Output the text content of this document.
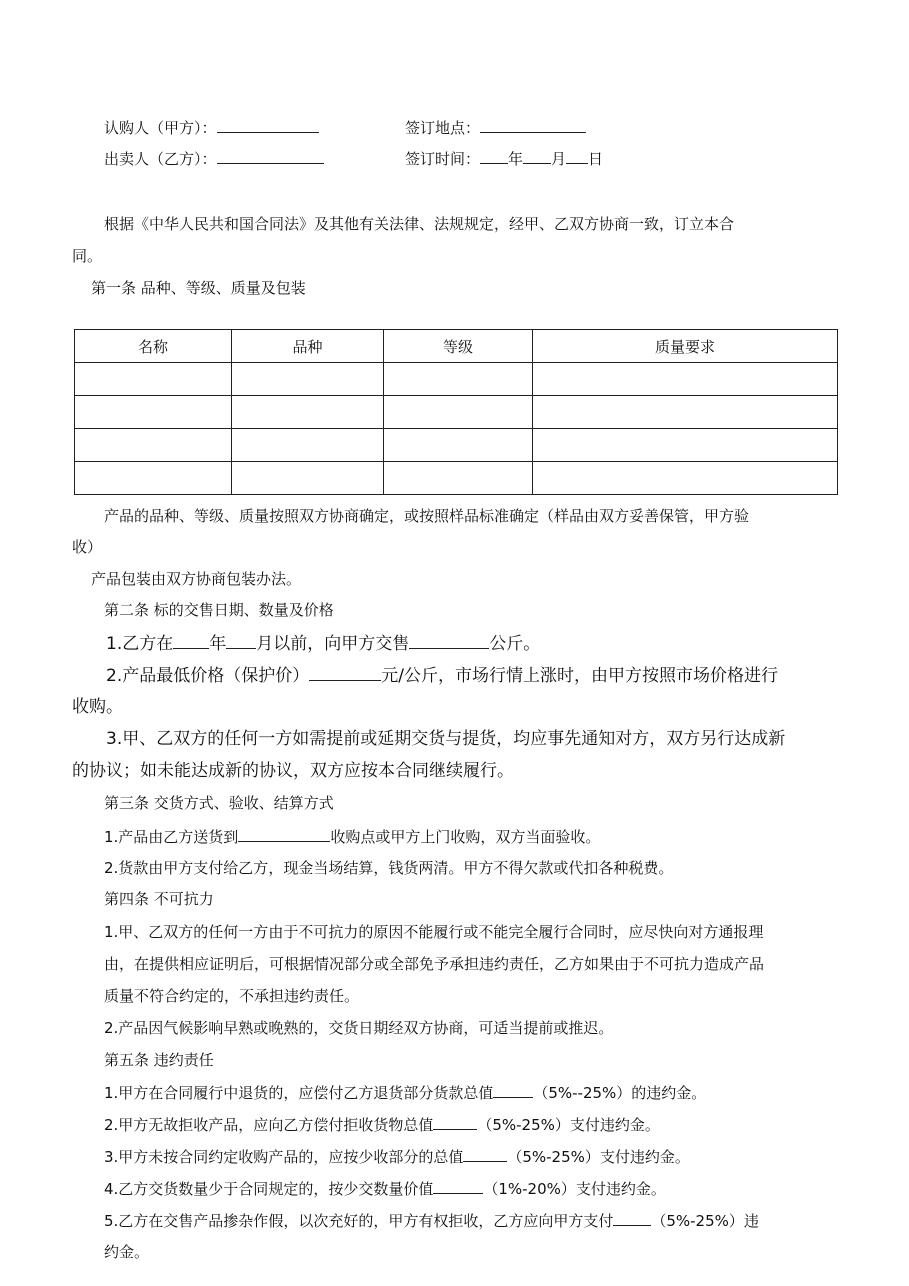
认购人（甲方）：	签订地点：
出卖人（乙方）：	签订时间： 年 月 日
根据《中华人民共和国合同法》及其他有关法律、法规规定，经甲、乙双方协商一致，订立本合
同。
第一条 品种、等级、质量及包装
名称	品种	等级	质量要求

产品的品种、等级、质量按照双方协商确定，或按照样品标准确定（样品由双方妥善保管，甲方验
收）
产品包装由双方协商包装办法。
第二条 标的交售日期、数量及价格
1.乙方在 年 月以前，向甲方交售	公斤。
2.产品最低价格（保护价）	元/公斤，市场行情上涨时，由甲方按照市场价格进行
收购。
3.甲、乙双方的任何一方如需提前或延期交货与提货，均应事先通知对方，双方另行达成新
的协议；如未能达成新的协议，双方应按本合同继续履行。
第三条 交货方式、验收、结算方式
1.产品由乙方送货到	收购点或甲方上门收购，双方当面验收。
2.货款由甲方支付给乙方，现金当场结算，钱货两清。甲方不得欠款或代扣各种税费。
第四条 不可抗力
1.甲、乙双方的任何一方由于不可抗力的原因不能履行或不能完全履行合同时，应尽快向对方通报理
由，在提供相应证明后，可根据情况部分或全部免予承担违约责任，乙方如果由于不可抗力造成产品
质量不符合约定的，不承担违约责任。
2.产品因气候影响早熟或晚熟的，交货日期经双方协商，可适当提前或推迟。
第五条 违约责任
1.甲方在合同履行中退货的，应偿付乙方退货部分货款总值	（5%--25%）的违约金。
2.甲方无故拒收产品，应向乙方偿付拒收货物总值	（5%-25%）支付违约金。
3.甲方未按合同约定收购产品的，应按少收部分的总值	（5%-25%）支付违约金。
4.乙方交货数量少于合同规定的，按少交数量价值	（1%-20%）支付违约金。
5.乙方在交售产品掺杂作假，以次充好的，甲方有权拒收，乙方应向甲方支付	（5%-25%）违
约金。
